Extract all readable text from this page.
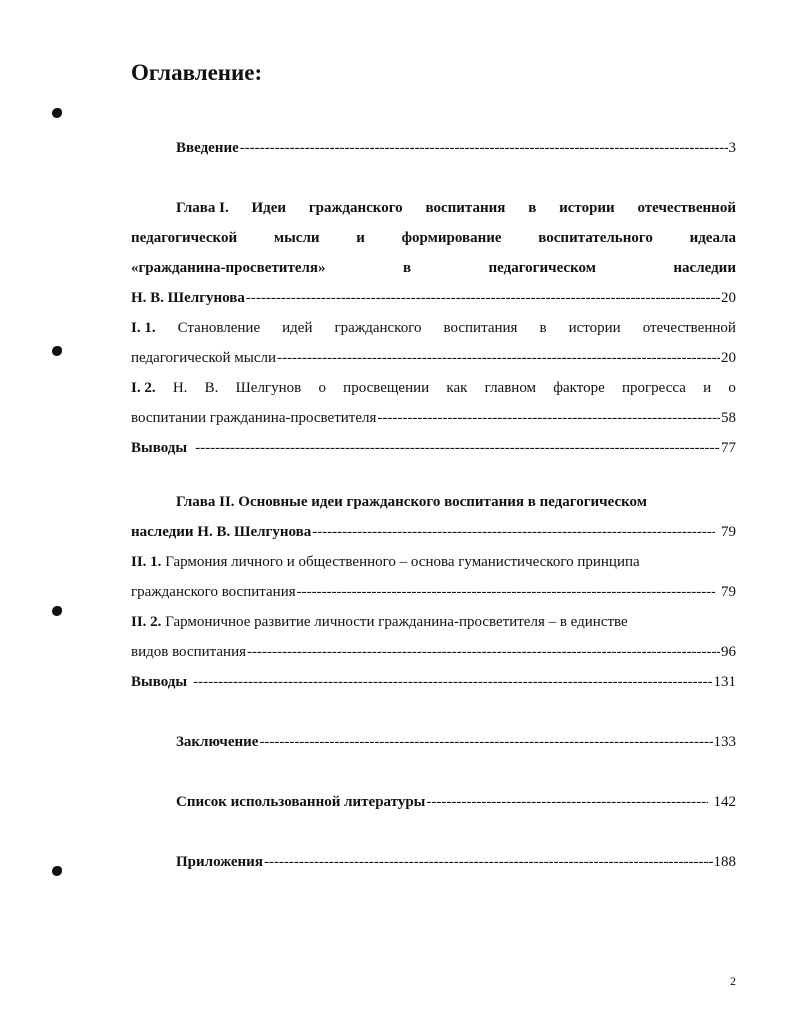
Оглавление:
Введение -----	3
Глава I. Идеи гражданского воспитания в истории отечественной
педагогической мысли и формирование воспитательного идеала
«гражданина-просветителя»	в	педагогическом	наследии
Н. В. Шелгунова -----	20
I. 1. Становление идей гражданского воспитания в истории отечественной
педагогической мысли -----	20
I. 2. Н. В. Шелгунов о просвещении как главном факторе прогресса и о
воспитании гражданина-просветителя -----	58
Выводы -----	77
Глава II. Основные идеи гражданского воспитания в педагогическом
наследии Н. В. Шелгунова -----	79
II. 1. Гармония личного и общественного – основа гуманистического принципа
гражданского воспитания -----	79
II. 2. Гармоничное развитие личности гражданина-просветителя – в единстве
видов воспитания -----	96
Выводы -----	131
Заключение -----	133
Список использованной литературы -----	142
Приложения -----	188
2
